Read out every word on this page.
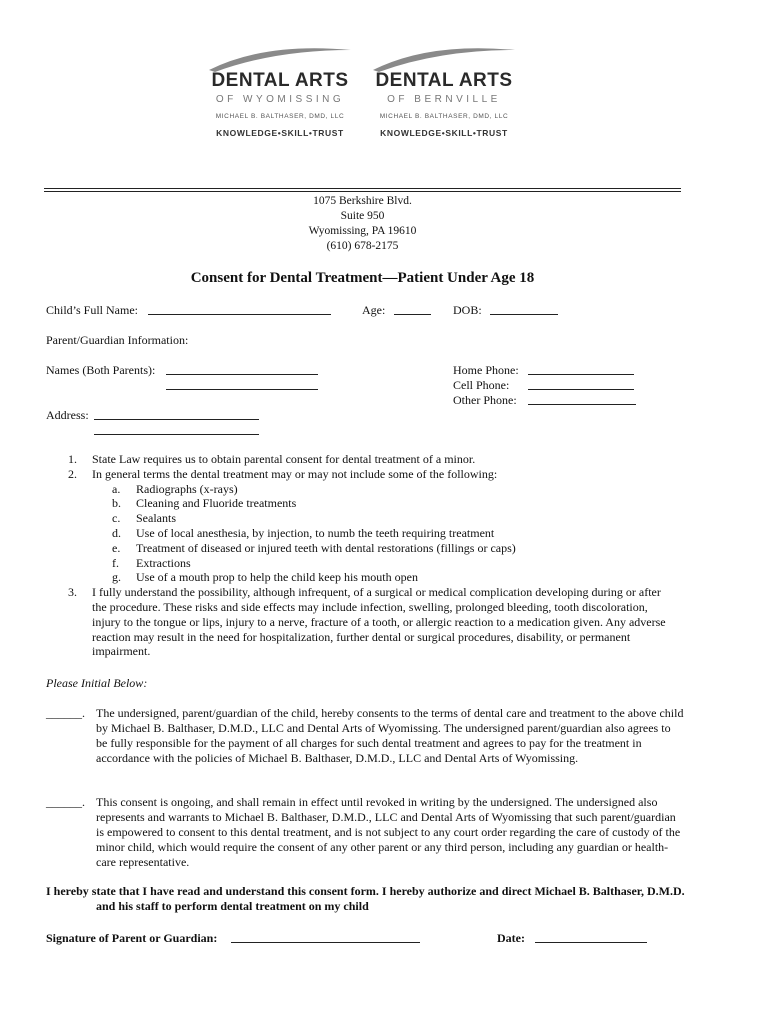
DENTAL ARTS
OF WYOMISSING
MICHAEL B. BALTHASER, DMD, LLC
KNOWLEDGE•SKILL•TRUST
DENTAL ARTS
OF BERNVILLE
MICHAEL B. BALTHASER, DMD, LLC
KNOWLEDGE•SKILL•TRUST
1075 Berkshire Blvd.
Suite 950
Wyomissing, PA 19610
(610) 678-2175
Consent for Dental Treatment—Patient Under Age 18
Child’s Full Name:	Age:	DOB:
Parent/Guardian Information:
Names (Both Parents):	Home Phone:
Cell Phone:
Other Phone:
Address:
1. State Law requires us to obtain parental consent for dental treatment of a minor.
2. In general terms the dental treatment may or may not include some of the following:
a. Radiographs (x-rays)
b. Cleaning and Fluoride treatments
c. Sealants
d. Use of local anesthesia, by injection, to numb the teeth requiring treatment
e. Treatment of diseased or injured teeth with dental restorations (fillings or caps)
f. Extractions
g. Use of a mouth prop to help the child keep his mouth open
3. I fully understand the possibility, although infrequent, of a surgical or medical complication developing during or after the procedure. These risks and side effects may include infection, swelling, prolonged bleeding, tooth discoloration, injury to the tongue or lips, injury to a nerve, fracture of a tooth, or allergic reaction to a medication given. Any adverse reaction may result in the need for hospitalization, further dental or surgical procedures, disability, or permanent impairment.
Please Initial Below:
______. The undersigned, parent/guardian of the child, hereby consents to the terms of dental care and treatment to the above child by Michael B. Balthaser, D.M.D., LLC and Dental Arts of Wyomissing. The undersigned parent/guardian also agrees to be fully responsible for the payment of all charges for such dental treatment and agrees to pay for the treatment in accordance with the policies of Michael B. Balthaser, D.M.D., LLC and Dental Arts of Wyomissing.
______. This consent is ongoing, and shall remain in effect until revoked in writing by the undersigned. The undersigned also represents and warrants to Michael B. Balthaser, D.M.D., LLC and Dental Arts of Wyomissing that such parent/guardian is empowered to consent to this dental treatment, and is not subject to any court order regarding the care of custody of the minor child, which would require the consent of any other parent or any third person, including any guardian or health-care representative.
I hereby state that I have read and understand this consent form. I hereby authorize and direct Michael B. Balthaser, D.M.D. and his staff to perform dental treatment on my child
Signature of Parent or Guardian:	Date:
